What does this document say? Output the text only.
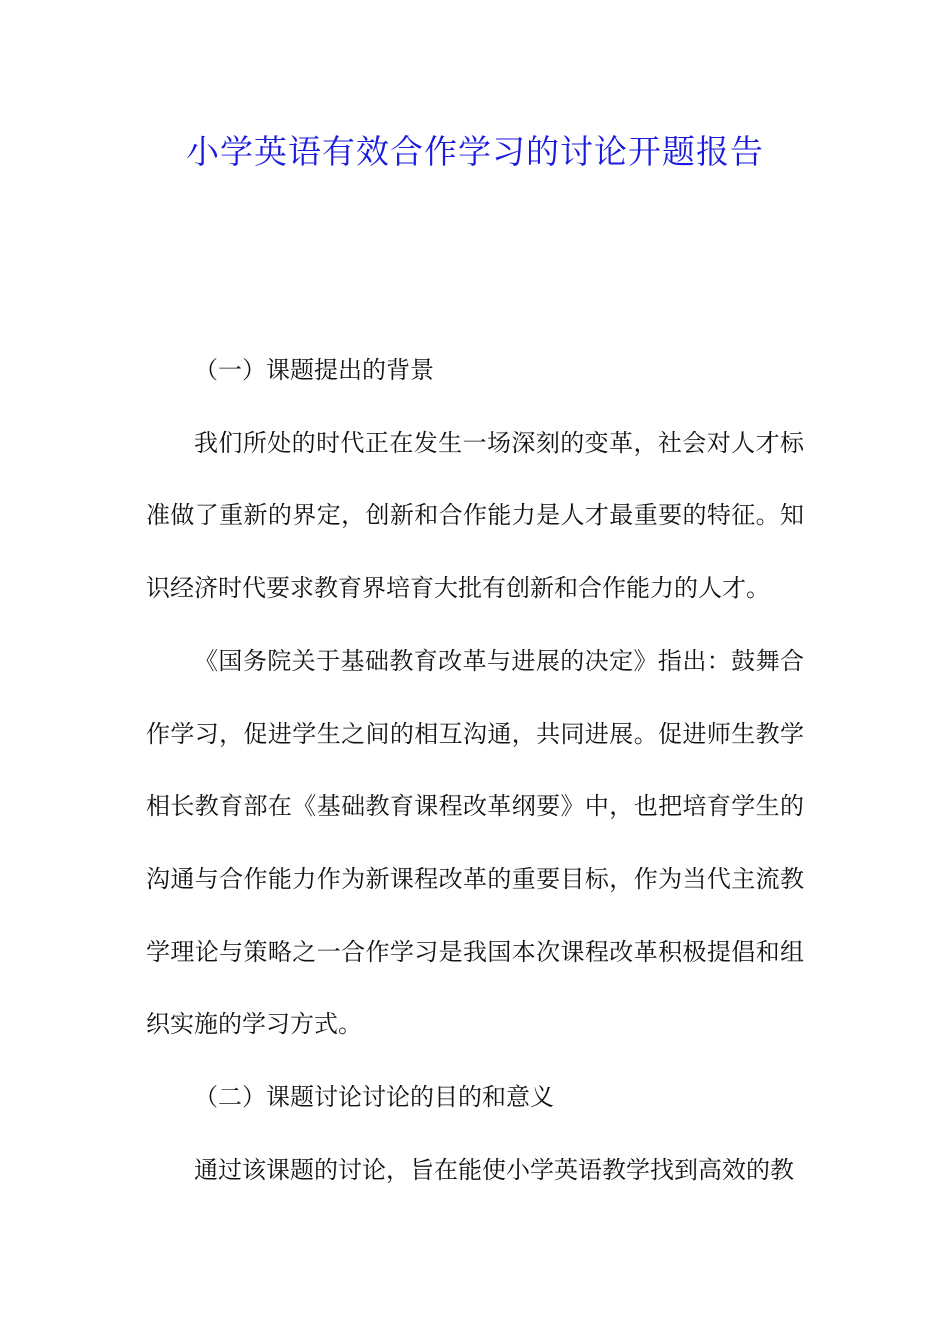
小学英语有效合作学习的讨论开题报告

（一）课题提出的背景

我们所处的时代正在发生一场深刻的变革，社会对人才标准做了重新的界定，创新和合作能力是人才最重要的特征。知识经济时代要求教育界培育大批有创新和合作能力的人才。

《国务院关于基础教育改革与进展的决定》指出：鼓舞合作学习，促进学生之间的相互沟通，共同进展。促进师生教学相长教育部在《基础教育课程改革纲要》中，也把培育学生的沟通与合作能力作为新课程改革的重要目标，作为当代主流教学理论与策略之一合作学习是我国本次课程改革积极提倡和组织实施的学习方式。

（二）课题讨论讨论的目的和意义

通过该课题的讨论，旨在能使小学英语教学找到高效的教
